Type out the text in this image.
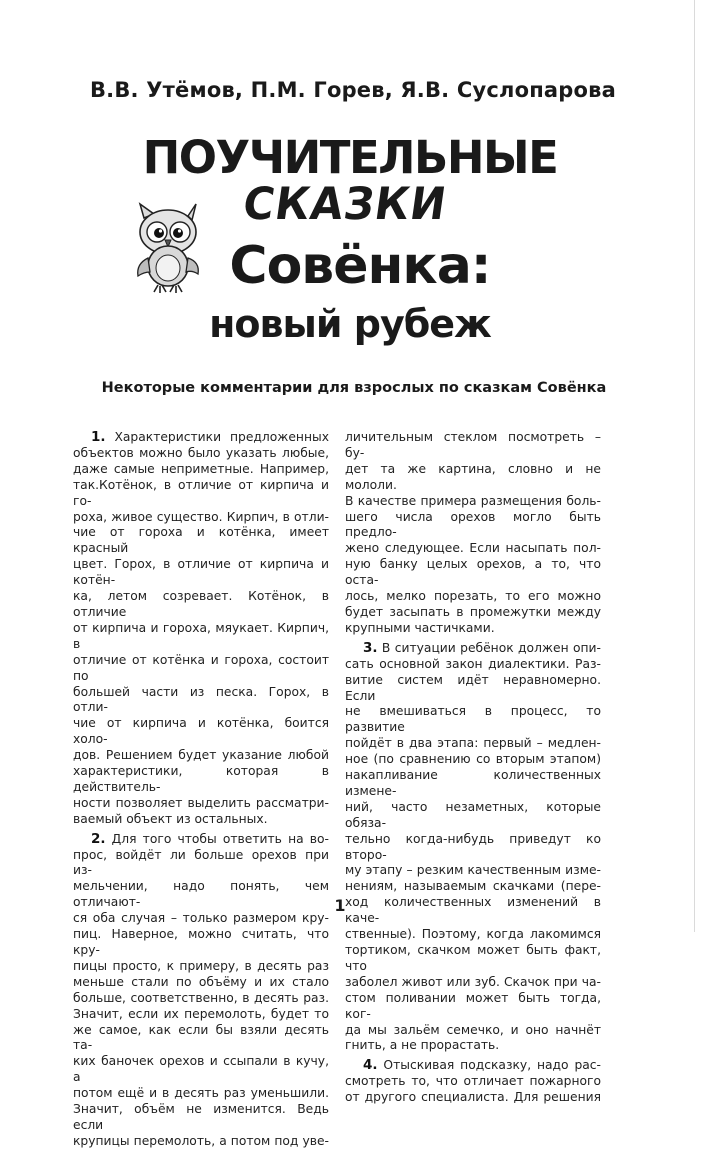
В.В. Утёмов, П.М. Горев, Я.В. Суслопарова
ПОУЧИТЕЛЬНЫЕ
СКАЗКИ
Совёнка:
новый рубеж
Некоторые комментарии для взрослых по сказкам Совёнка

1. Характеристики предложенных

объектов можно было указать любые,

даже самые неприметные. Например,

так.Котёнок, в отличие от кирпича и го-

роха, живое существо. Кирпич, в отли-

чие от гороха и котёнка, имеет красный

цвет. Горох, в отличие от кирпича и котён-

ка, летом созревает. Котёнок, в отличие

от кирпича и гороха, мяукает. Кирпич, в

отличие от котёнка и гороха, состоит по

большей части из песка. Горох, в отли-

чие от кирпича и котёнка, боится холо-

дов. Решением будет указание любой

характеристики, которая в действитель-

ности позволяет выделить рассматри-

ваемый объект из остальных.

2. Для того чтобы ответить на во-

прос, войдёт ли больше орехов при из-

мельчении, надо понять, чем отличают-

ся оба случая – только размером кру-

пиц. Наверное, можно считать, что кру-

пицы просто, к примеру, в десять раз

меньше стали по объёму и их стало

больше, соответственно, в десять раз.

Значит, если их перемолоть, будет то

же самое, как если бы взяли десять та-

ких баночек орехов и ссыпали в кучу, а

потом ещё и в десять раз уменьшили.

Значит, объём не изменится. Ведь если

крупицы перемолоть, а потом под уве-

личительным стеклом посмотреть – бу-

дет та же картина, словно и не мололи.

В качестве примера размещения боль-

шего числа орехов могло быть предло-

жено следующее. Если насыпать пол-

ную банку целых орехов, а то, что оста-

лось, мелко порезать, то его можно

будет засыпать в промежутки между

крупными частичками.

3. В ситуации ребёнок должен опи-

сать основной закон диалектики. Раз-

витие систем идёт неравномерно. Если

не вмешиваться в процесс, то развитие

пойдёт в два этапа: первый – медлен-

ное (по сравнению со вторым этапом)

накапливание количественных измене-

ний, часто незаметных, которые обяза-

тельно когда-нибудь приведут ко второ-

му этапу – резким качественным изме-

нениям, называемым скачками (пере-

ход количественных изменений в каче-

ственные). Поэтому, когда лакомимся

тортиком, скачком может быть факт, что

заболел живот или зуб. Скачок при ча-

стом поливании может быть тогда, ког-

да мы зальём семечко, и оно начнёт

гнить, а не прорастать.

4. Отыскивая подсказку, надо рас-

смотреть то, что отличает пожарного

от другого специалиста. Для решения

1
